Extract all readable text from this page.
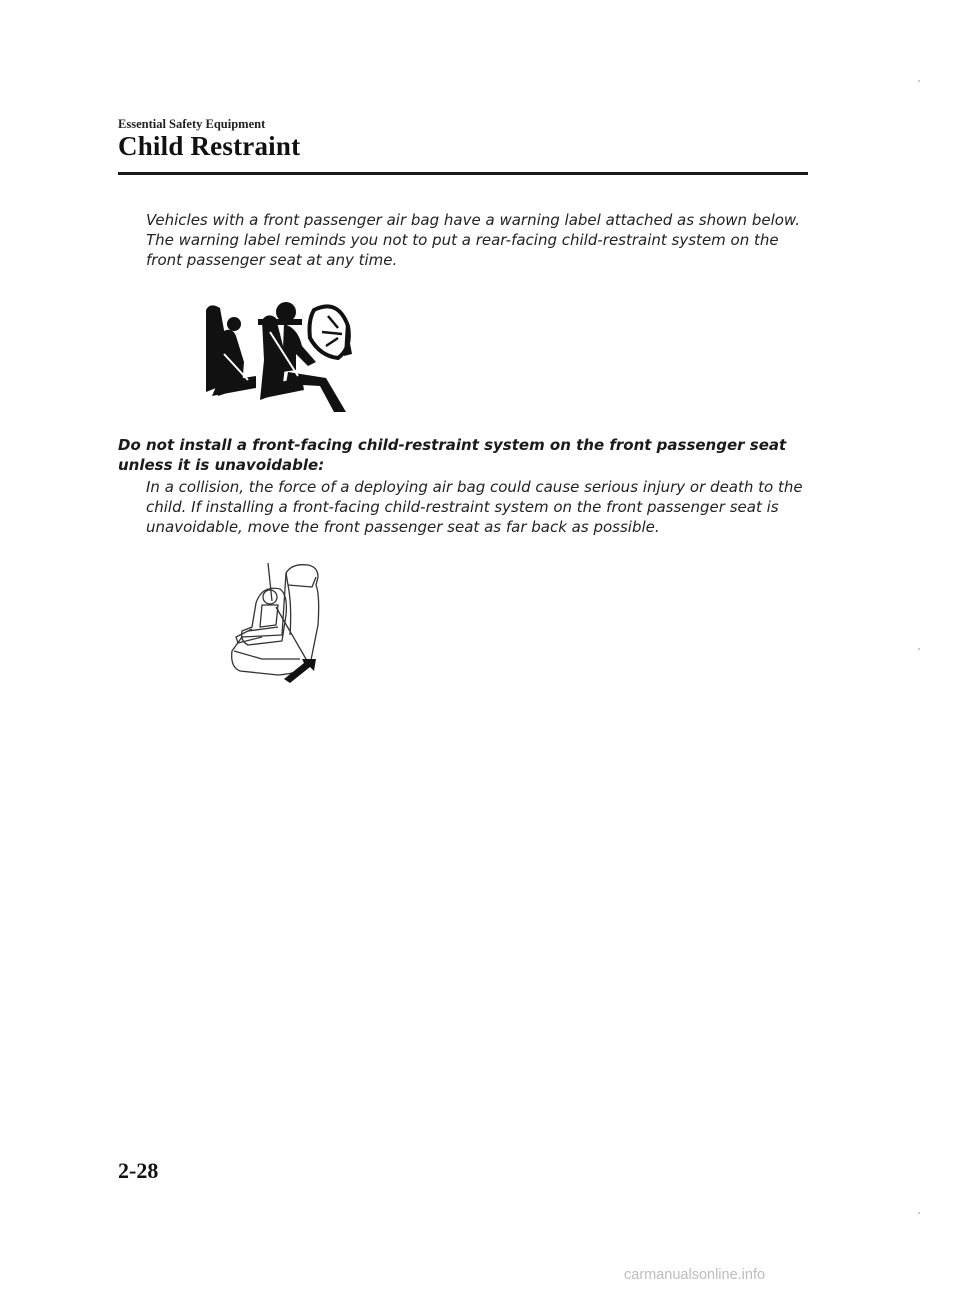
Essential Safety Equipment
Child Restraint

Vehicles with a front passenger air bag have a warning label attached as shown below. The warning label reminds you not to put a rear-facing child-restraint system on the front passenger seat at any time.

Do not install a front-facing child-restraint system on the front passenger seat unless it is unavoidable:

In a collision, the force of a deploying air bag could cause serious injury or death to the child. If installing a front-facing child-restraint system on the front passenger seat is unavoidable, move the front passenger seat as far back as possible.

2-28
carmanualsonline.info
